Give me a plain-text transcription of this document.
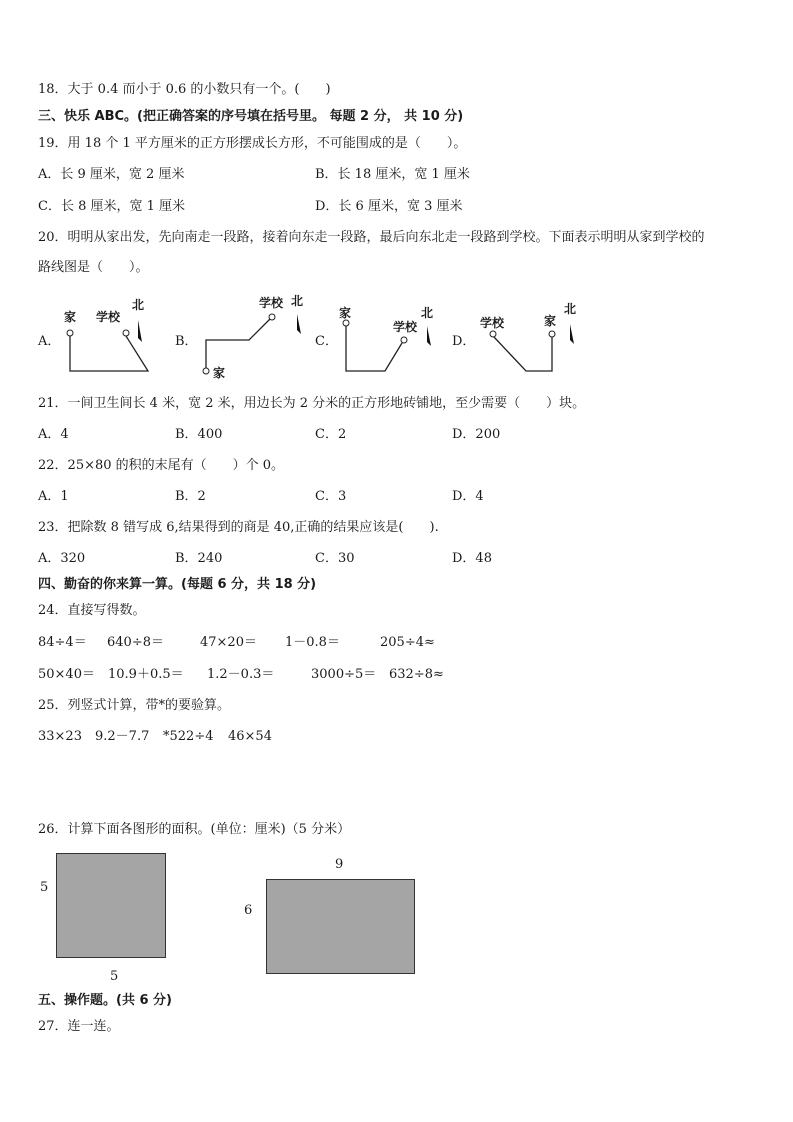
18．大于 0.4 而小于 0.6 的小数只有一个。(　　)
三、快乐 ABC。(把正确答案的序号填在括号里。 每题 2 分， 共 10 分)
19．用 18 个 1 平方厘米的正方形摆成长方形，不可能围成的是（　　）。
A．长 9 厘米，宽 2 厘米	B．长 18 厘米，宽 1 厘米
C．长 8 厘米，宽 1 厘米	D．长 6 厘米，宽 3 厘米
20．明明从家出发，先向南走一段路，接着向东走一段路，最后向东北走一段路到学校。下面表示明明从家到学校的
路线图是（　　）。
A．
家 学校
北
B．
学校 北
家
C．
家
学校
北
D．
学校	家
北
21．一间卫生间长 4 米，宽 2 米，用边长为 2 分米的正方形地砖铺地，至少需要（　　）块。
A．4	B．400	C．2	D．200
22．25×80 的积的末尾有（　　）个 0。
A．1	B．2	C．3	D．4
23．把除数 8 错写成 6,结果得到的商是 40,正确的结果应该是(　　).
A．320	B．240	C．30	D．48
四、勤奋的你来算一算。(每题 6 分，共 18 分)
24．直接写得数。
84÷4＝ 640÷8＝	47×20＝ 1－0.8＝	205÷4≈
50×40＝ 10.9＋0.5＝ 1.2－0.3＝	3000÷5＝ 632÷8≈
25．列竖式计算，带*的要验算。
33×23 9.2－7.7 *522÷4 46×54
26．计算下面各图形的面积。(单位：厘米)（5 分米）
5
5
9
6
五、操作题。(共 6 分)
27．连一连。
